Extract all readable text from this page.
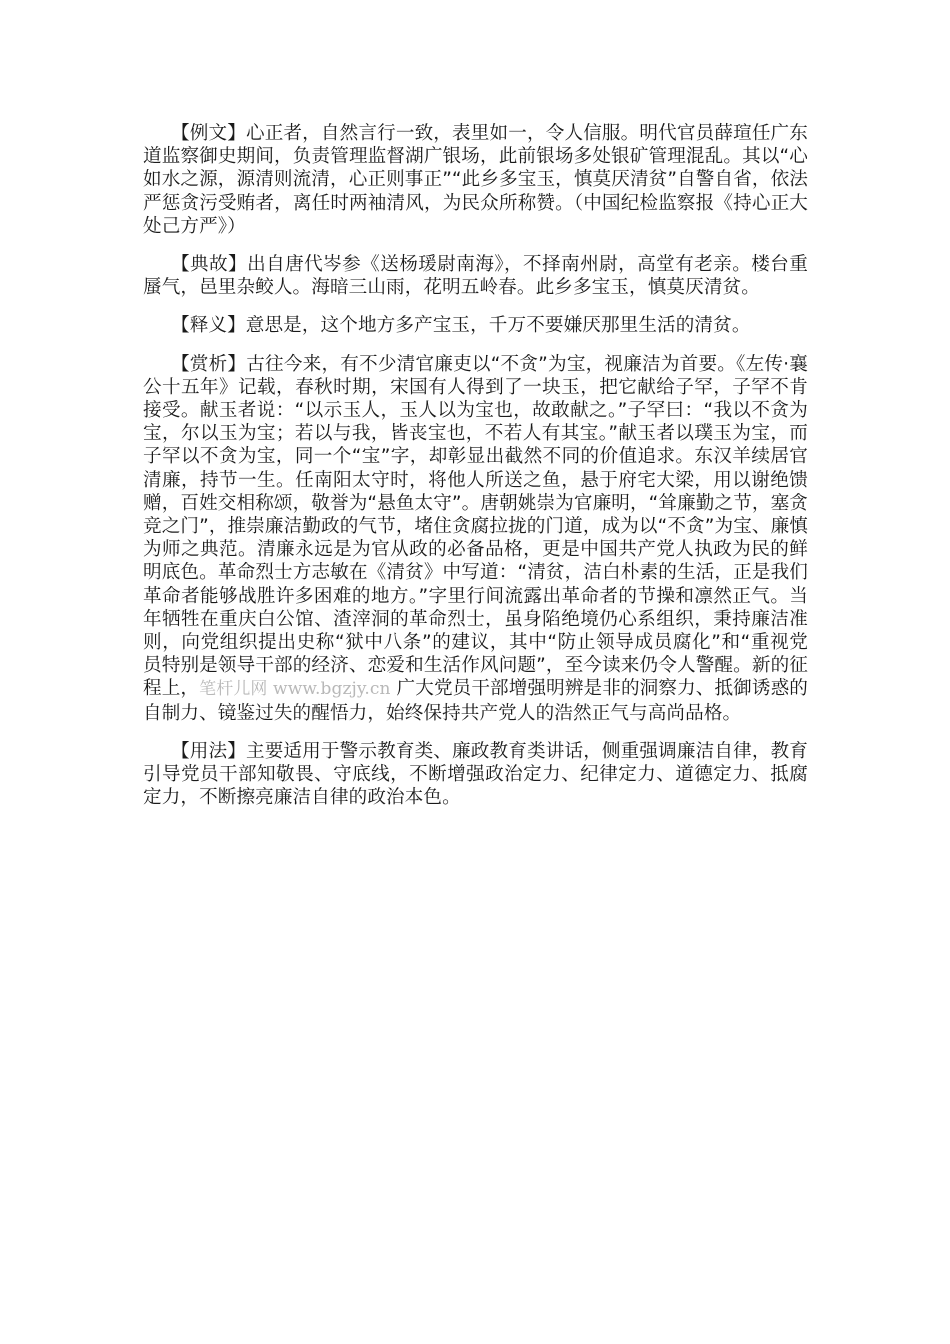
【例文】心正者，自然言行一致，表里如一，令人信服。明代官员薛瑄任广东道监察御史期间，负责管理监督湖广银场，此前银场多处银矿管理混乱。其以“心如水之源，源清则流清，心正则事正”“此乡多宝玉，慎莫厌清贫”自警自省，依法严惩贪污受贿者，离任时两袖清风，为民众所称赞。（中国纪检监察报《持心正大 处己方严》）

【典故】出自唐代岑参《送杨瑗尉南海》，不择南州尉，高堂有老亲。楼台重蜃气，邑里杂鲛人。海暗三山雨，花明五岭春。此乡多宝玉，慎莫厌清贫。

【释义】意思是，这个地方多产宝玉，千万不要嫌厌那里生活的清贫。

【赏析】古往今来，有不少清官廉吏以“不贪”为宝，视廉洁为首要。《左传·襄公十五年》记载，春秋时期，宋国有人得到了一块玉，把它献给子罕，子罕不肯接受。献玉者说：“以示玉人，玉人以为宝也，故敢献之。”子罕曰：“我以不贪为宝，尔以玉为宝；若以与我，皆丧宝也，不若人有其宝。”献玉者以璞玉为宝，而子罕以不贪为宝，同一个“宝”字，却彰显出截然不同的价值追求。东汉羊续居官清廉，持节一生。任南阳太守时，将他人所送之鱼，悬于府宅大梁，用以谢绝馈赠，百姓交相称颂，敬誉为“悬鱼太守”。唐朝姚崇为官廉明，“耸廉勤之节，塞贪竞之门”，推崇廉洁勤政的气节，堵住贪腐拉拢的门道，成为以“不贪”为宝、廉慎为师之典范。清廉永远是为官从政的必备品格，更是中国共产党人执政为民的鲜明底色。革命烈士方志敏在《清贫》中写道：“清贫，洁白朴素的生活，正是我们革命者能够战胜许多困难的地方。”字里行间流露出革命者的节操和凛然正气。当年牺牲在重庆白公馆、渣滓洞的革命烈士，虽身陷绝境仍心系组织，秉持廉洁准则，向党组织提出史称“狱中八条”的建议，其中“防止领导成员腐化”和“重视党员特别是领导干部的经济、恋爱和生活作风问题”，至今读来仍令人警醒。新的征程上，笔杆儿网 www.bgzjy.cn 广大党员干部增强明辨是非的洞察力、抵御诱惑的自制力、镜鉴过失的醒悟力，始终保持共产党人的浩然正气与高尚品格。

【用法】主要适用于警示教育类、廉政教育类讲话，侧重强调廉洁自律，教育引导党员干部知敬畏、守底线，不断增强政治定力、纪律定力、道德定力、抵腐定力，不断擦亮廉洁自律的政治本色。
